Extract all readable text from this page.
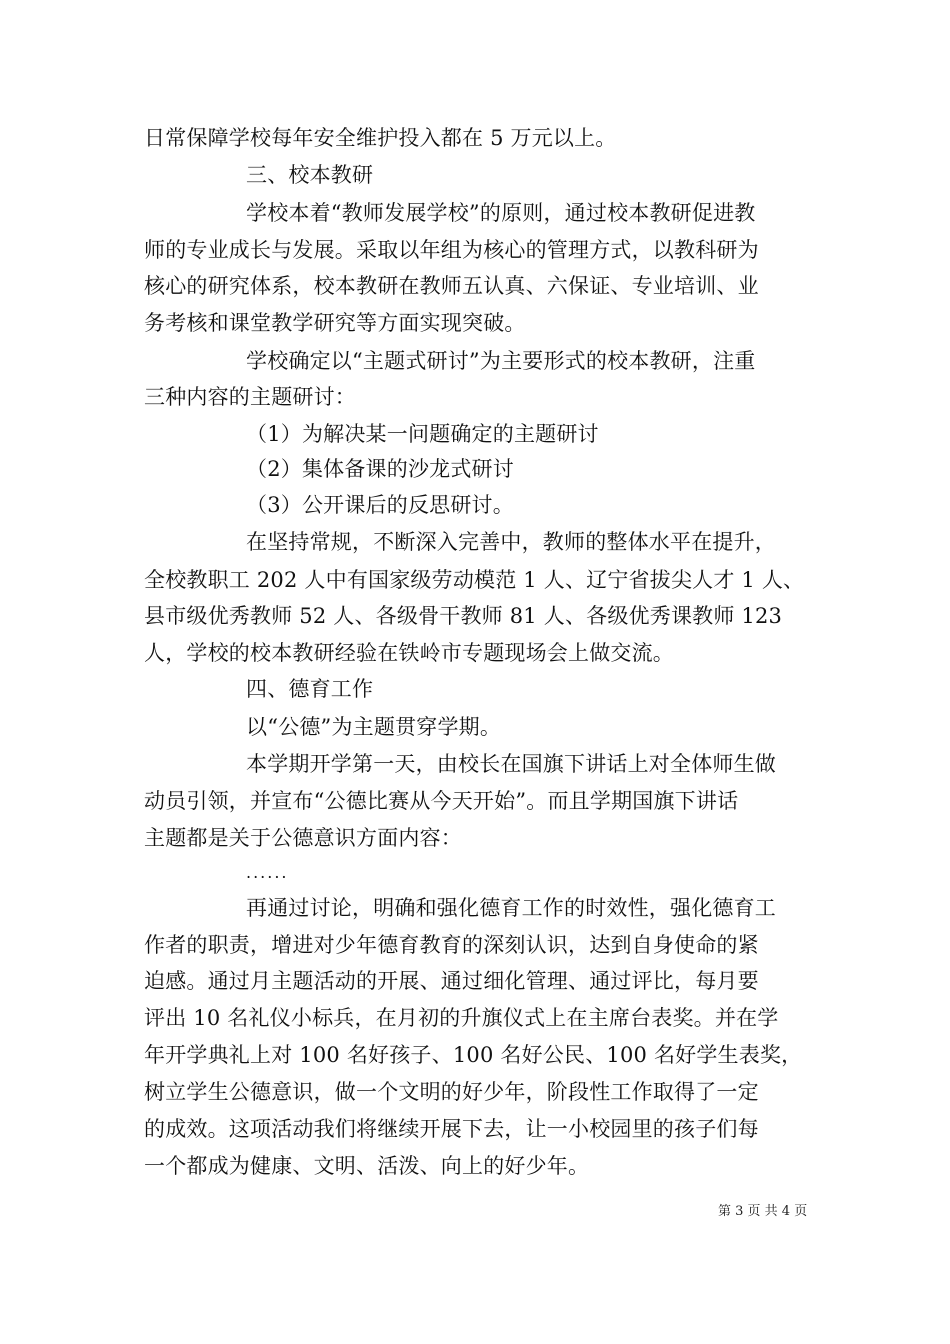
日常保障学校每年安全维护投入都在 5 万元以上。
三、校本教研
学校本着“教师发展学校”的原则，通过校本教研促进教
师的专业成长与发展。采取以年组为核心的管理方式，以教科研为
核心的研究体系，校本教研在教师五认真、六保证、专业培训、业
务考核和课堂教学研究等方面实现突破。
学校确定以“主题式研讨”为主要形式的校本教研，注重
三种内容的主题研讨：
（1）为解决某一问题确定的主题研讨
（2）集体备课的沙龙式研讨
（3）公开课后的反思研讨。
在坚持常规，不断深入完善中，教师的整体水平在提升，
全校教职工 202 人中有国家级劳动模范 1 人、辽宁省拔尖人才 1 人、
县市级优秀教师 52 人、各级骨干教师 81 人、各级优秀课教师 123
人，学校的校本教研经验在铁岭市专题现场会上做交流。
四、德育工作
以“公德”为主题贯穿学期。
本学期开学第一天，由校长在国旗下讲话上对全体师生做
动员引领，并宣布“公德比赛从今天开始”。而且学期国旗下讲话
主题都是关于公德意识方面内容：
......
再通过讨论，明确和强化德育工作的时效性，强化德育工
作者的职责，增进对少年德育教育的深刻认识，达到自身使命的紧
迫感。通过月主题活动的开展、通过细化管理、通过评比，每月要
评出 10 名礼仪小标兵，在月初的升旗仪式上在主席台表奖。并在学
年开学典礼上对 100 名好孩子、100 名好公民、100 名好学生表奖，
树立学生公德意识，做一个文明的好少年，阶段性工作取得了一定
的成效。这项活动我们将继续开展下去，让一小校园里的孩子们每
一个都成为健康、文明、活泼、向上的好少年。
第 3 页 共 4 页
